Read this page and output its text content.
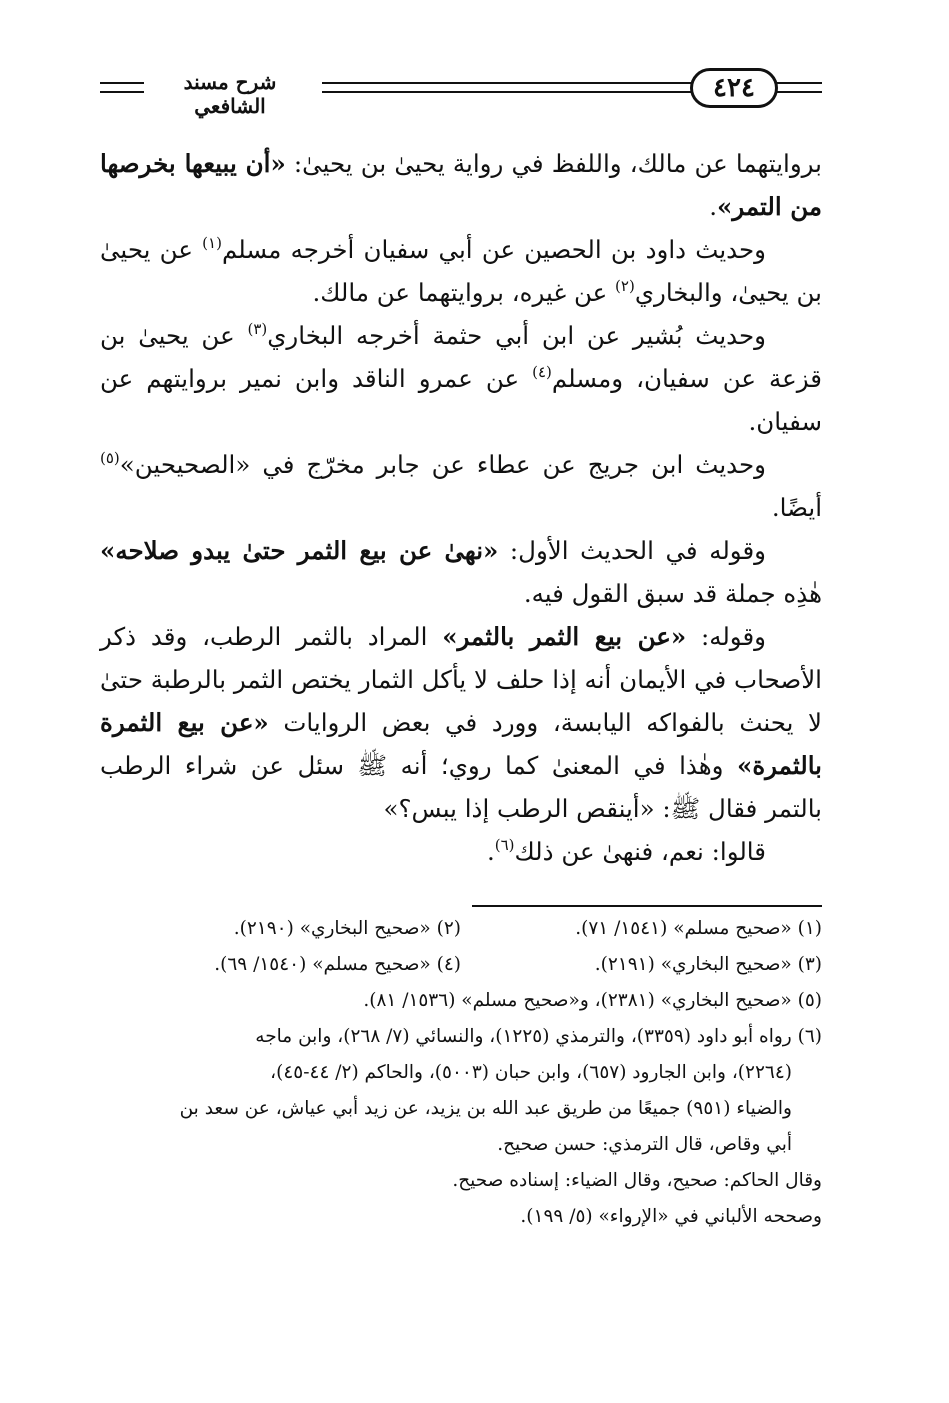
شرح مسند الشافعي
٤٢٤

بروايتهما عن مالك، واللفظ في رواية يحيىٰ بن يحيىٰ: «أن يبيعها بخرصها من التمر».

وحديث داود بن الحصين عن أبي سفيان أخرجه مسلم$^{(١)}$ عن يحيىٰ بن يحيىٰ، والبخاري$^{(٢)}$ عن غيره، بروايتهما عن مالك.

وحديث بُشير عن ابن أبي حثمة أخرجه البخاري$^{(٣)}$ عن يحيىٰ بن قزعة عن سفيان، ومسلم$^{(٤)}$ عن عمرو الناقد وابن نمير بروايتهم عن سفيان.

وحديث ابن جريج عن عطاء عن جابر مخرّج في «الصحيحين»$^{(٥)}$ أيضًا.

وقوله في الحديث الأول: «نهىٰ عن بيع الثمر حتىٰ يبدو صلاحه» هٰذِه جملة قد سبق القول فيه.

وقوله: «عن بيع الثمر بالثمر» المراد بالثمر الرطب، وقد ذكر الأصحاب في الأيمان أنه إذا حلف لا يأكل الثمار يختص الثمر بالرطبة حتىٰ لا يحنث بالفواكه اليابسة، وورد في بعض الروايات «عن بيع الثمرة بالثمرة» وهٰذا في المعنىٰ كما روي؛ أنه ﷺ سئل عن شراء الرطب بالتمر فقال ﷺ: «أينقص الرطب إذا يبس؟»

قالوا: نعم، فنهىٰ عن ذلك$^{(٦)}$.

(١) «صحيح مسلم» (١٥٤١/ ٧١).
(٢) «صحيح البخاري» (٢١٩٠).
(٣) «صحيح البخاري» (٢١٩١).
(٤) «صحيح مسلم» (١٥٤٠/ ٦٩).

(٥) «صحيح البخاري» (٢٣٨١)، و«صحيح مسلم» (١٥٣٦/ ٨١).

(٦) رواه أبو داود (٣٣٥٩)، والترمذي (١٢٢٥)، والنسائي (٧/ ٢٦٨)، وابن ماجه

(٢٢٦٤)، وابن الجارود (٦٥٧)، وابن حبان (٥٠٠٣)، والحاكم (٢/ ٤٤-٤٥)،

والضياء (٩٥١) جميعًا من طريق عبد الله بن يزيد، عن زيد أبي عياش، عن سعد بن

أبي وقاص، قال الترمذي: حسن صحيح.

وقال الحاكم: صحيح، وقال الضياء: إسناده صحيح.

وصححه الألباني في «الإرواء» (٥/ ١٩٩).
